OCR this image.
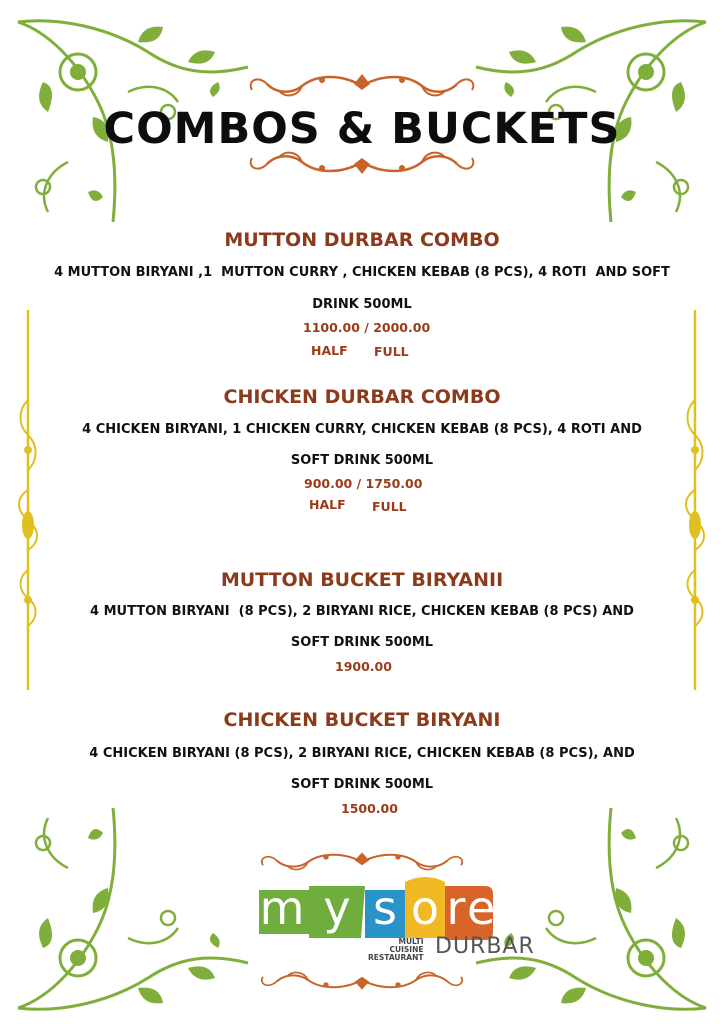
COMBOS & BUCKETS
MUTTON DURBAR COMBO
4 MUTTON BIRYANI ,1  MUTTON CURRY , CHICKEN KEBAB (8 PCS), 4 ROTI  AND SOFT
DRINK 500ML
1100.00 / 2000.00
HALF FULL
CHICKEN DURBAR COMBO
4 CHICKEN BIRYANI, 1 CHICKEN CURRY, CHICKEN KEBAB (8 PCS), 4 ROTI AND
SOFT DRINK 500ML
900.00 / 1750.00
HALF FULL
MUTTON BUCKET BIRYANII
4 MUTTON BIRYANI  (8 PCS), 2 BIRYANI RICE, CHICKEN KEBAB (8 PCS) AND
SOFT DRINK 500ML
1900.00
CHICKEN BUCKET BIRYANI
4 CHICKEN BIRYANI (8 PCS), 2 BIRYANI RICE, CHICKEN KEBAB (8 PCS), AND
SOFT DRINK 500ML
1500.00
m y s o r e
MULTI
CUISINE
RESTAURANT DURBAR
